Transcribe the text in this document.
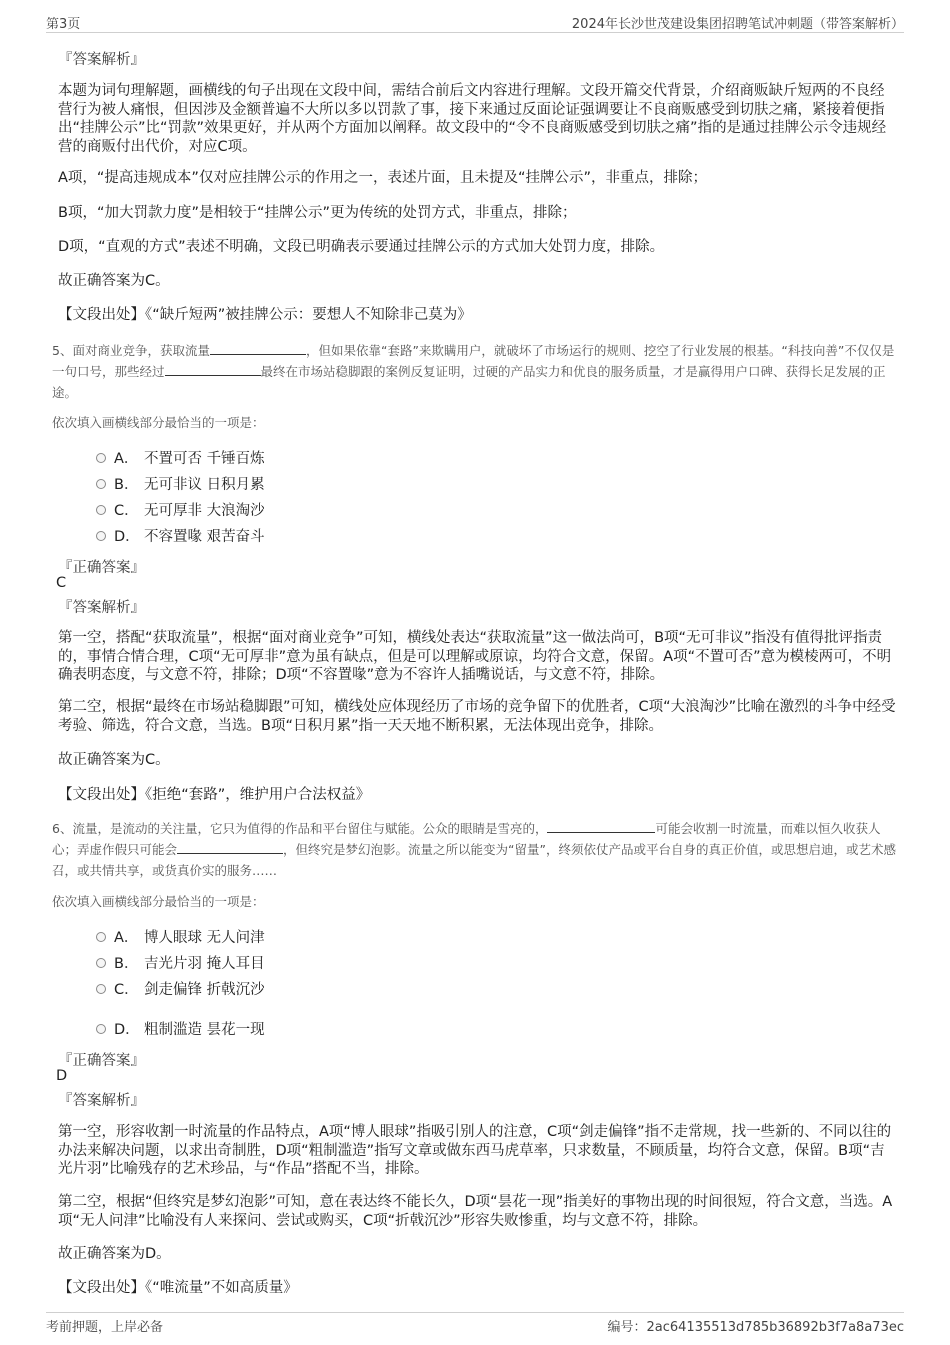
第3页	2024年长沙世茂建设集团招聘笔试冲刺题（带答案解析）
『答案解析』
本题为词句理解题，画横线的句子出现在文段中间，需结合前后文内容进行理解。文段开篇交代背景，介绍商贩缺斤短两的不良经营行为被人痛恨，但因涉及金额普遍不大所以多以罚款了事，接下来通过反面论证强调要让不良商贩感受到切肤之痛，紧接着便指出“挂牌公示”比“罚款”效果更好，并从两个方面加以阐释。故文段中的“令不良商贩感受到切肤之痛”指的是通过挂牌公示令违规经营的商贩付出代价，对应C项。
A项，“提高违规成本”仅对应挂牌公示的作用之一，表述片面，且未提及“挂牌公示”，非重点，排除；
B项，“加大罚款力度”是相较于“挂牌公示”更为传统的处罚方式，非重点，排除；
D项，“直观的方式”表述不明确，文段已明确表示要通过挂牌公示的方式加大处罚力度，排除。
故正确答案为C。
【文段出处】《“缺斤短两”被挂牌公示：要想人不知除非己莫为》
5、面对商业竞争，获取流量	，但如果依靠“套路”来欺瞒用户，就破坏了市场运行的规则、挖空了行业发展的根基。“科技向善”不仅仅是一句口号，那些经过	最终在市场站稳脚跟的案例反复证明，过硬的产品实力和优良的服务质量，才是赢得用户口碑、获得长足发展的正途。
依次填入画横线部分最恰当的一项是：
A． 不置可否 千锤百炼
B． 无可非议 日积月累
C． 无可厚非 大浪淘沙
D． 不容置喙 艰苦奋斗
『正确答案』
C
『答案解析』
第一空，搭配“获取流量”，根据“面对商业竞争”可知，横线处表达“获取流量”这一做法尚可，B项“无可非议”指没有值得批评指责的，事情合情合理，C项“无可厚非”意为虽有缺点，但是可以理解或原谅，均符合文意，保留。A项“不置可否”意为模棱两可，不明确表明态度，与文意不符，排除；D项“不容置喙”意为不容许人插嘴说话，与文意不符，排除。
第二空，根据“最终在市场站稳脚跟”可知，横线处应体现经历了市场的竞争留下的优胜者，C项“大浪淘沙”比喻在激烈的斗争中经受考验、筛选，符合文意，当选。B项“日积月累”指一天天地不断积累，无法体现出竞争，排除。
故正确答案为C。
【文段出处】《拒绝“套路”，维护用户合法权益》
6、流量，是流动的关注量，它只为值得的作品和平台留住与赋能。公众的眼睛是雪亮的，	可能会收割一时流量，而难以恒久收获人心；弄虚作假只可能会	，但终究是梦幻泡影。流量之所以能变为“留量”，终须依仗产品或平台自身的真正价值，或思想启迪，或艺术感召，或共情共享，或货真价实的服务……
依次填入画横线部分最恰当的一项是：
A． 博人眼球 无人问津
B． 吉光片羽 掩人耳目
C． 剑走偏锋 折戟沉沙
D． 粗制滥造 昙花一现
『正确答案』
D
『答案解析』
第一空，形容收割一时流量的作品特点，A项“博人眼球”指吸引别人的注意，C项“剑走偏锋”指不走常规，找一些新的、不同以往的办法来解决问题，以求出奇制胜，D项“粗制滥造”指写文章或做东西马虎草率，只求数量，不顾质量，均符合文意，保留。B项“吉光片羽”比喻残存的艺术珍品，与“作品”搭配不当，排除。
第二空，根据“但终究是梦幻泡影”可知，意在表达终不能长久，D项“昙花一现”指美好的事物出现的时间很短，符合文意，当选。A项“无人问津”比喻没有人来探问、尝试或购买，C项“折戟沉沙”形容失败惨重，均与文意不符，排除。
故正确答案为D。
【文段出处】《“唯流量”不如高质量》
考前押题，上岸必备	编号：2ac64135513d785b36892b3f7a8a73ec
